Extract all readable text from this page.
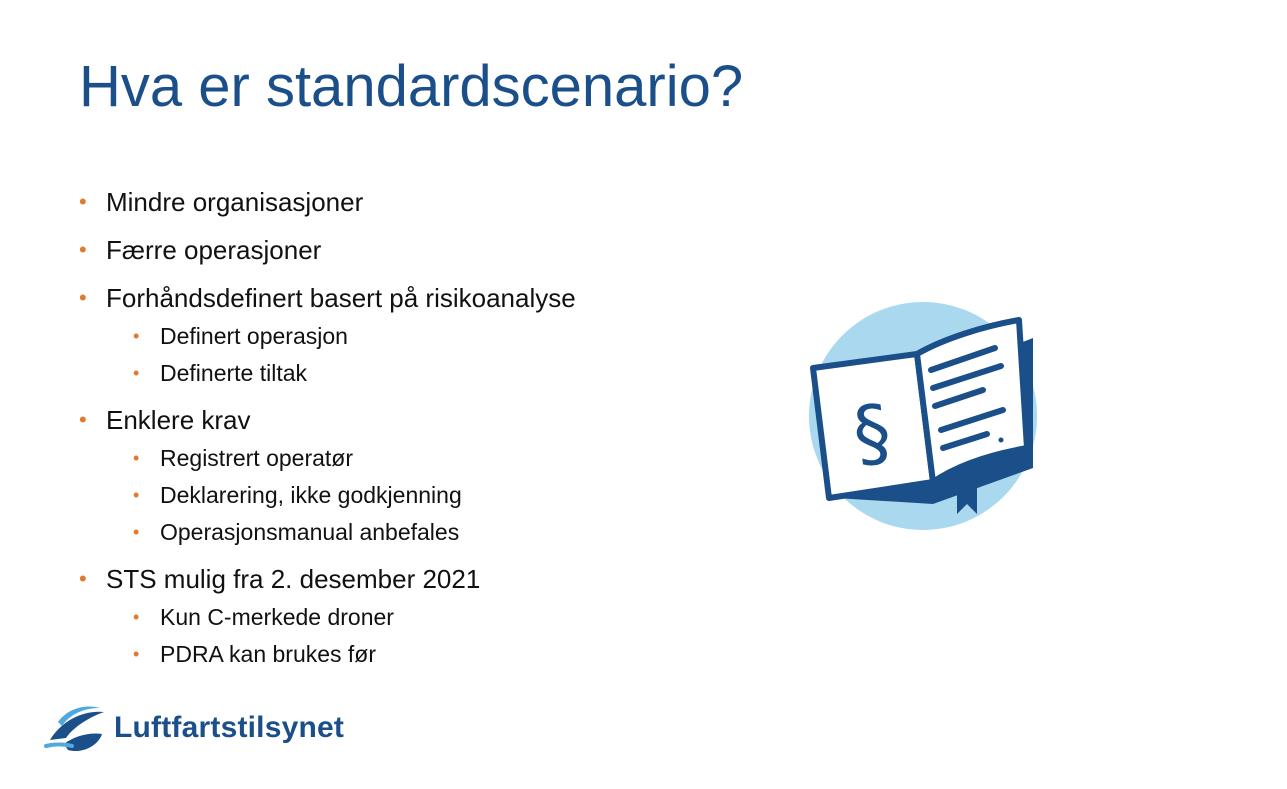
Hva er standardscenario?
• Mindre organisasjoner
• Færre operasjoner
• Forhåndsdefinert basert på risikoanalyse
• Definert operasjon
• Definerte tiltak
• Enklere krav
• Registrert operatør
• Deklarering, ikke godkjenning
• Operasjonsmanual anbefales
• STS mulig fra 2. desember 2021
• Kun C-merkede droner
• PDRA kan brukes før
§
Luftfartstilsynet
